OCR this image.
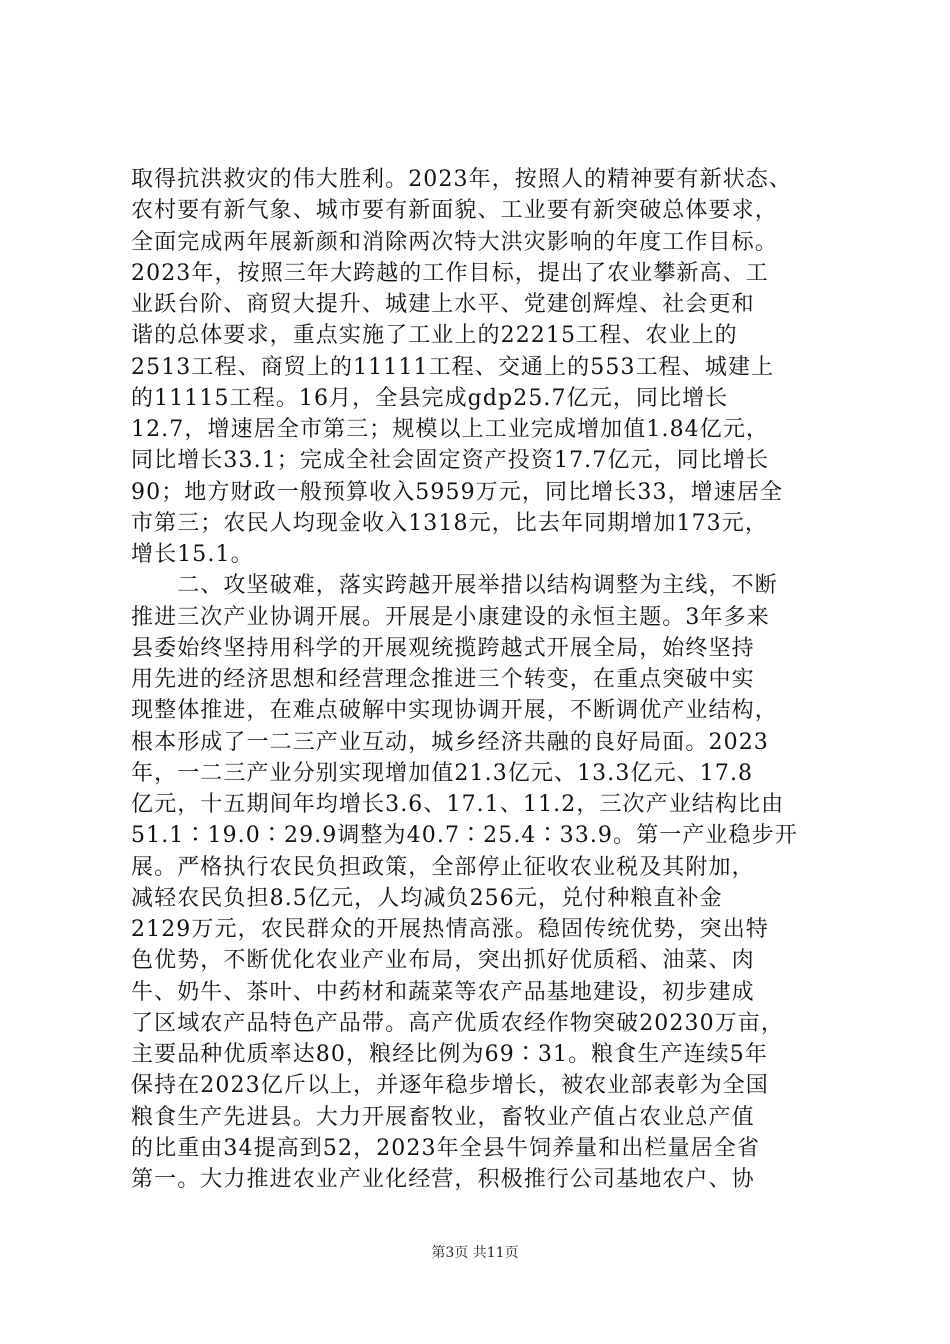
取得抗洪救灾的伟大胜利。2023年，按照人的精神要有新状态、
农村要有新气象、城市要有新面貌、工业要有新突破总体要求，
全面完成两年展新颜和消除两次特大洪灾影响的年度工作目标。
2023年，按照三年大跨越的工作目标，提出了农业攀新高、工
业跃台阶、商贸大提升、城建上水平、党建创辉煌、社会更和
谐的总体要求，重点实施了工业上的22215工程、农业上的
2513工程、商贸上的11111工程、交通上的553工程、城建上
的11115工程。16月，全县完成gdp25.7亿元，同比增长
12.7，增速居全市第三；规模以上工业完成增加值1.84亿元，
同比增长33.1；完成全社会固定资产投资17.7亿元，同比增长
90；地方财政一般预算收入5959万元，同比增长33，增速居全
市第三；农民人均现金收入1318元，比去年同期增加173元，
增长15.1。
　　二、攻坚破难，落实跨越开展举措以结构调整为主线，不断
推进三次产业协调开展。开展是小康建设的永恒主题。3年多来
县委始终坚持用科学的开展观统揽跨越式开展全局，始终坚持
用先进的经济思想和经营理念推进三个转变，在重点突破中实
现整体推进，在难点破解中实现协调开展，不断调优产业结构，
根本形成了一二三产业互动，城乡经济共融的良好局面。2023
年，一二三产业分别实现增加值21.3亿元、13.3亿元、17.8
亿元，十五期间年均增长3.6、17.1、11.2，三次产业结构比由
51.1∶19.0∶29.9调整为40.7∶25.4∶33.9。第一产业稳步开
展。严格执行农民负担政策，全部停止征收农业税及其附加，
减轻农民负担8.5亿元，人均减负256元，兑付种粮直补金
2129万元，农民群众的开展热情高涨。稳固传统优势，突出特
色优势，不断优化农业产业布局，突出抓好优质稻、油菜、肉
牛、奶牛、茶叶、中药材和蔬菜等农产品基地建设，初步建成
了区域农产品特色产品带。高产优质农经作物突破20230万亩，
主要品种优质率达80，粮经比例为69∶31。粮食生产连续5年
保持在2023亿斤以上，并逐年稳步增长，被农业部表彰为全国
粮食生产先进县。大力开展畜牧业，畜牧业产值占农业总产值
的比重由34提高到52，2023年全县牛饲养量和出栏量居全省
第一。大力推进农业产业化经营，积极推行公司基地农户、协
第3页 共11页
